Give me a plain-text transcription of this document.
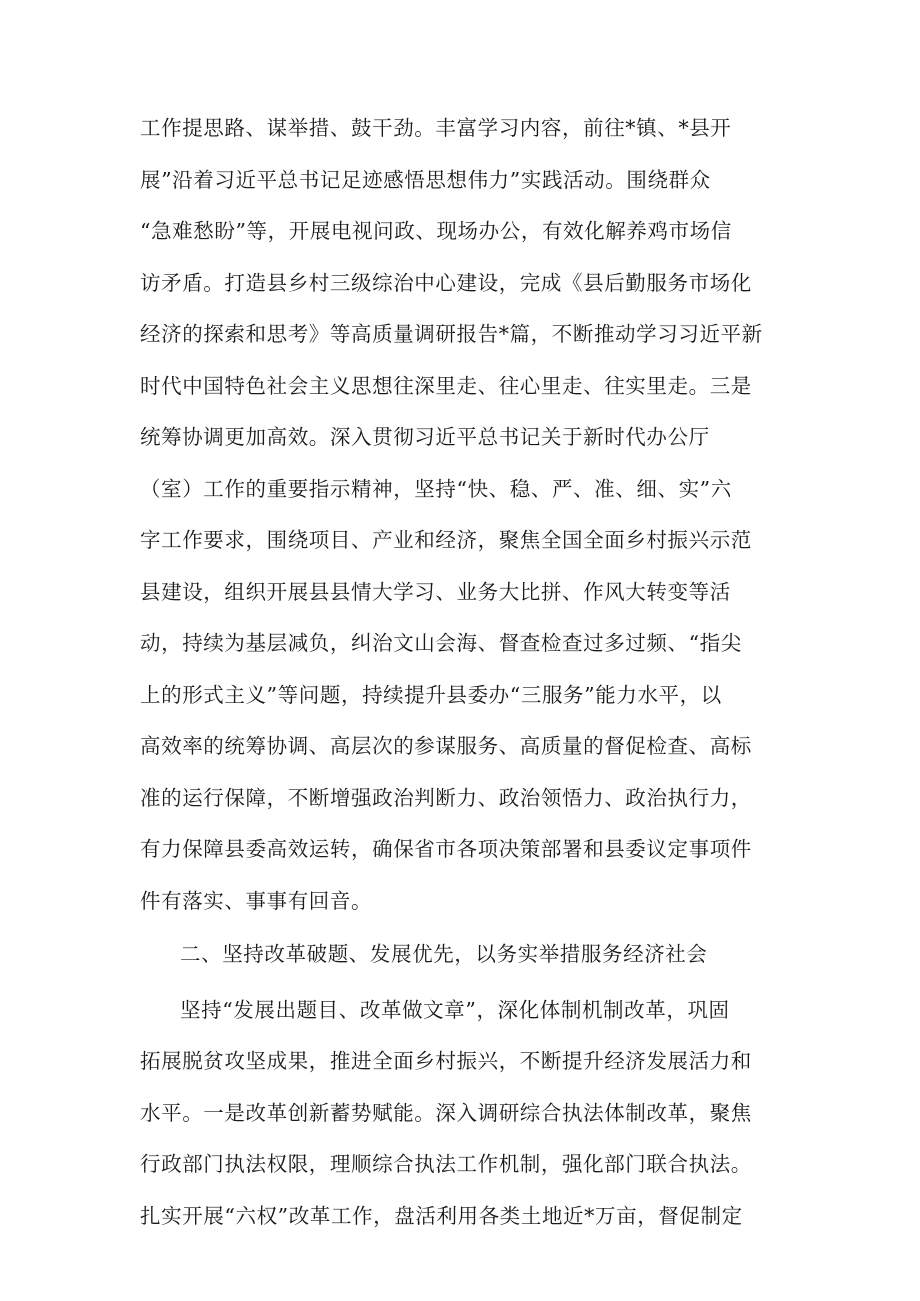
工作提思路、谋举措、鼓干劲。丰富学习内容，前往*镇、*县开
展”沿着习近平总书记足迹感悟思想伟力”实践活动。围绕群众
“急难愁盼”等，开展电视问政、现场办公，有效化解养鸡市场信
访矛盾。打造县乡村三级综治中心建设，完成《县后勤服务市场化
经济的探索和思考》等高质量调研报告*篇，不断推动学习习近平新
时代中国特色社会主义思想往深里走、往心里走、往实里走。三是
统筹协调更加高效。深入贯彻习近平总书记关于新时代办公厅
（室）工作的重要指示精神，坚持“快、稳、严、准、细、实”六
字工作要求，围绕项目、产业和经济，聚焦全国全面乡村振兴示范
县建设，组织开展县县情大学习、业务大比拼、作风大转变等活
动，持续为基层减负，纠治文山会海、督查检查过多过频、“指尖
上的形式主义”等问题，持续提升县委办“三服务”能力水平，以
高效率的统筹协调、高层次的参谋服务、高质量的督促检查、高标
准的运行保障，不断增强政治判断力、政治领悟力、政治执行力，
有力保障县委高效运转，确保省市各项决策部署和县委议定事项件
件有落实、事事有回音。
二、坚持改革破题、发展优先，以务实举措服务经济社会
坚持“发展出题目、改革做文章”，深化体制机制改革，巩固
拓展脱贫攻坚成果，推进全面乡村振兴，不断提升经济发展活力和
水平。一是改革创新蓄势赋能。深入调研综合执法体制改革，聚焦
行政部门执法权限，理顺综合执法工作机制，强化部门联合执法。
扎实开展“六权”改革工作，盘活利用各类土地近*万亩，督促制定
